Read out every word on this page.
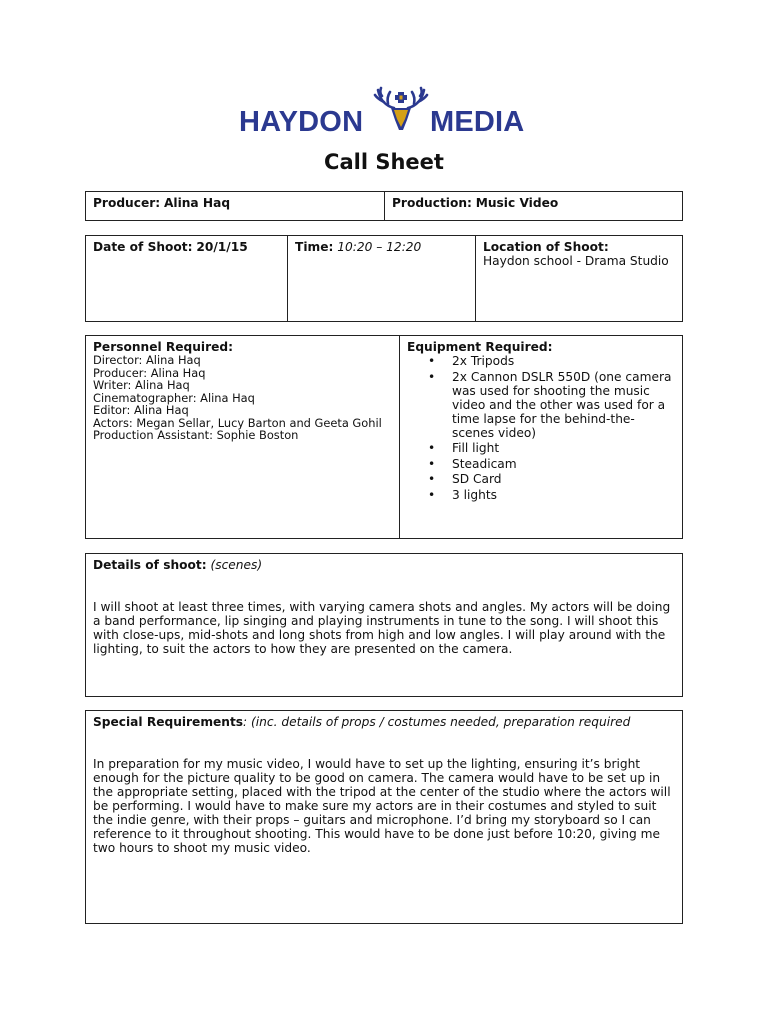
HAYDON MEDIA
Call Sheet
Producer: Alina Haq	Production: Music Video
Date of Shoot: 20/1/15	Time: 10:20 – 12:20	Location of Shoot:
Haydon school - Drama Studio
Personnel Required:
Director: Alina Haq
Producer: Alina Haq
Writer: Alina Haq
Cinematographer: Alina Haq
Editor: Alina Haq
Actors: Megan Sellar, Lucy Barton and Geeta Gohil
Production Assistant: Sophie Boston

Equipment Required:
• 2x Tripods
• 2x Cannon DSLR 550D (one camera was used for shooting the music video and the other was used for a time lapse for the behind-the-scenes video)
• Fill light
• Steadicam
• SD Card
• 3 lights
Details of shoot: (scenes)

I will shoot at least three times, with varying camera shots and angles. My actors will be doing a band performance, lip singing and playing instruments in tune to the song. I will shoot this with close-ups, mid-shots and long shots from high and low angles. I will play around with the lighting, to suit the actors to how they are presented on the camera.

Special Requirements: (inc. details of props / costumes needed, preparation required

In preparation for my music video, I would have to set up the lighting, ensuring it’s bright enough for the picture quality to be good on camera. The camera would have to be set up in the appropriate setting, placed with the tripod at the center of the studio where the actors will be performing. I would have to make sure my actors are in their costumes and styled to suit the indie genre, with their props – guitars and microphone. I’d bring my storyboard so I can reference to it throughout shooting. This would have to be done just before 10:20, giving me two hours to shoot my music video.
